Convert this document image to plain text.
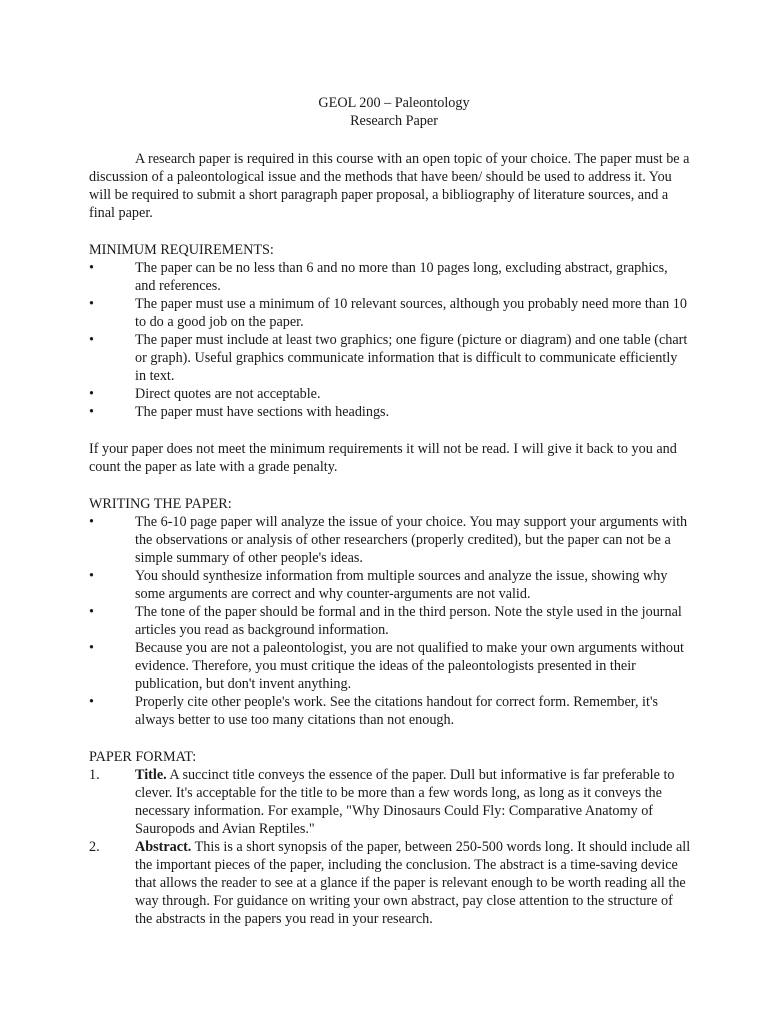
GEOL 200 – Paleontology
Research Paper

A research paper is required in this course with an open topic of your choice. The paper must be a discussion of a paleontological issue and the methods that have been/ should be used to address it. You will be required to submit a short paragraph paper proposal, a bibliography of literature sources, and a final paper.

MINIMUM REQUIREMENTS:
•	The paper can be no less than 6 and no more than 10 pages long, excluding abstract, graphics, and references.
•	The paper must use a minimum of 10 relevant sources, although you probably need more than 10 to do a good job on the paper.
•	The paper must include at least two graphics; one figure (picture or diagram) and one table (chart or graph). Useful graphics communicate information that is difficult to communicate efficiently in text.
•	Direct quotes are not acceptable.
•	The paper must have sections with headings.

If your paper does not meet the minimum requirements it will not be read. I will give it back to you and count the paper as late with a grade penalty.

WRITING THE PAPER:
•	The 6-10 page paper will analyze the issue of your choice. You may support your arguments with the observations or analysis of other researchers (properly credited), but the paper can not be a simple summary of other people's ideas.
•	You should synthesize information from multiple sources and analyze the issue, showing why some arguments are correct and why counter-arguments are not valid.
•	The tone of the paper should be formal and in the third person. Note the style used in the journal articles you read as background information.
•	Because you are not a paleontologist, you are not qualified to make your own arguments without evidence. Therefore, you must critique the ideas of the paleontologists presented in their publication, but don't invent anything.
•	Properly cite other people's work. See the citations handout for correct form. Remember, it's always better to use too many citations than not enough.
PAPER FORMAT:
1. Title. A succinct title conveys the essence of the paper. Dull but informative is far preferable to clever. It's acceptable for the title to be more than a few words long, as long as it conveys the necessary information. For example, "Why Dinosaurs Could Fly: Comparative Anatomy of Sauropods and Avian Reptiles."
2. Abstract. This is a short synopsis of the paper, between 250-500 words long. It should include all the important pieces of the paper, including the conclusion. The abstract is a time-saving device that allows the reader to see at a glance if the paper is relevant enough to be worth reading all the way through. For guidance on writing your own abstract, pay close attention to the structure of the abstracts in the papers you read in your research.
